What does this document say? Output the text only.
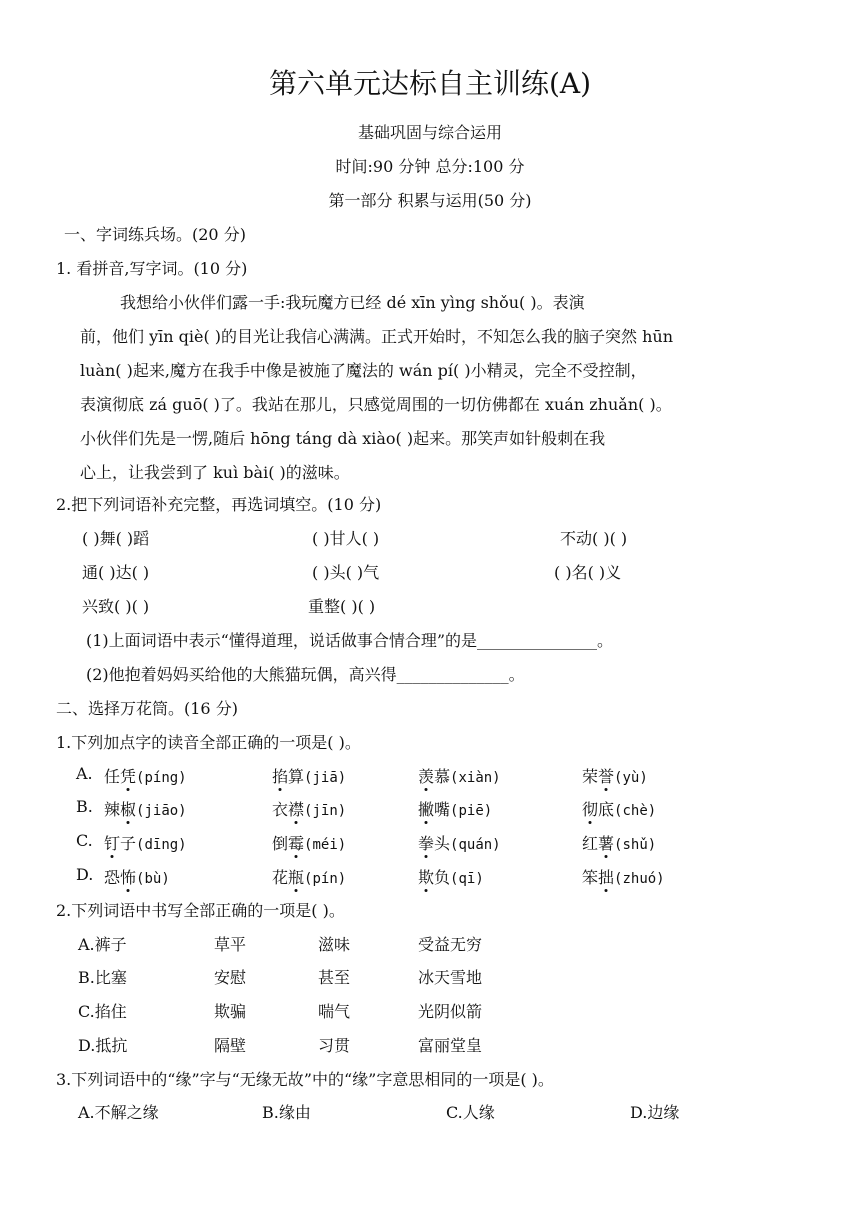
第六单元达标自主训练(A)
基础巩固与综合运用
时间:90 分钟 总分:100 分
第一部分 积累与运用(50 分)
一、字词练兵场。(20 分)
1. 看拼音,写字词。(10 分)
我想给小伙伴们露一手:我玩魔方已经 dé xīn yìng shǒu( )。表演
前，他们 yīn qiè( )的目光让我信心满满。正式开始时，不知怎么我的脑子突然 hūn
luàn( )起来,魔方在我手中像是被施了魔法的 wán pí( )小精灵，完全不受控制，
表演彻底 zá guō( )了。我站在那儿，只感觉周围的一切仿佛都在 xuán zhuǎn( )。
小伙伴们先是一愣,随后 hōng táng dà xiào( )起来。那笑声如针般刺在我
心上，让我尝到了 kuì bài( )的滋味。
2.把下列词语补充完整，再选词填空。(10 分)
( )舞( )蹈	( )甘人( )	不动( )( )
通( )达( )	( )头( )气	( )名( )义
兴致( )( )	重整( )( )
(1)上面词语中表示“懂得道理，说话做事合情合理”的是_______________。
(2)他抱着妈妈买给他的大熊猫玩偶，高兴得______________。
二、选择万花筒。(16 分)
1.下列加点字的读音全部正确的一项是( )。
A. 任凭(píng)	掐算(jiā)	羡慕(xiàn)	荣誉(yù)
B. 辣椒(jiāo)	衣襟(jīn)	撇嘴(piē)	彻底(chè)
C. 钉子(dīng)	倒霉(méi)	拳头(quán)	红薯(shǔ)
D. 恐怖(bù)	花瓶(pín)	欺负(qī)	笨拙(zhuó)
2.下列词语中书写全部正确的一项是( )。
A.裤子	草平	滋味	受益无穷
B.比塞	安慰	甚至	冰天雪地
C.掐住	欺骗	喘气	光阴似箭
D.抵抗	隔壁	习贯	富丽堂皇
3.下列词语中的“缘”字与“无缘无故”中的“缘”字意思相同的一项是( )。
A.不解之缘	B.缘由	C.人缘	D.边缘
